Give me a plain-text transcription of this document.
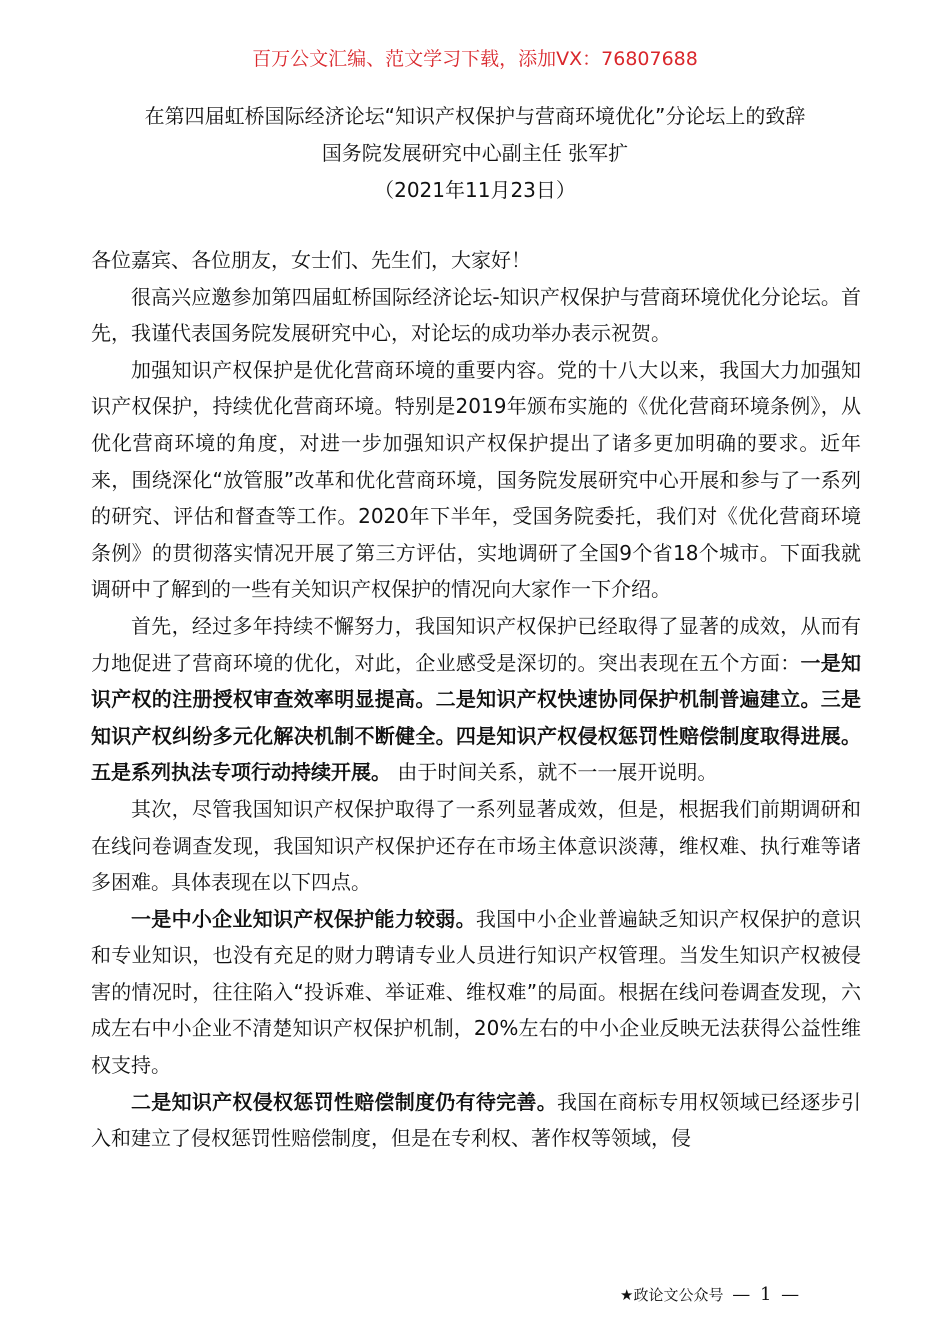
百万公文汇编、范文学习下载，添加VX：76807688
在第四届虹桥国际经济论坛“知识产权保护与营商环境优化”分论坛上的致辞
国务院发展研究中心副主任 张军扩
（2021年11月23日）

各位嘉宾、各位朋友，女士们、先生们，大家好！

很高兴应邀参加第四届虹桥国际经济论坛-知识产权保护与营商环境优化分论坛。首先，我谨代表国务院发展研究中心，对论坛的成功举办表示祝贺。

加强知识产权保护是优化营商环境的重要内容。党的十八大以来，我国大力加强知识产权保护，持续优化营商环境。特别是2019年颁布实施的《优化营商环境条例》，从优化营商环境的角度，对进一步加强知识产权保护提出了诸多更加明确的要求。近年来，围绕深化“放管服”改革和优化营商环境，国务院发展研究中心开展和参与了一系列的研究、评估和督查等工作。2020年下半年，受国务院委托，我们对《优化营商环境条例》的贯彻落实情况开展了第三方评估，实地调研了全国9个省18个城市。下面我就调研中了解到的一些有关知识产权保护的情况向大家作一下介绍。

首先，经过多年持续不懈努力，我国知识产权保护已经取得了显著的成效，从而有力地促进了营商环境的优化，对此，企业感受是深切的。突出表现在五个方面：一是知识产权的注册授权审查效率明显提高。二是知识产权快速协同保护机制普遍建立。三是知识产权纠纷多元化解决机制不断健全。四是知识产权侵权惩罚性赔偿制度取得进展。五是系列执法专项行动持续开展。 由于时间关系，就不一一展开说明。

其次，尽管我国知识产权保护取得了一系列显著成效，但是，根据我们前期调研和在线问卷调查发现，我国知识产权保护还存在市场主体意识淡薄，维权难、执行难等诸多困难。具体表现在以下四点。

一是中小企业知识产权保护能力较弱。我国中小企业普遍缺乏知识产权保护的意识和专业知识，也没有充足的财力聘请专业人员进行知识产权管理。当发生知识产权被侵害的情况时，往往陷入“投诉难、举证难、维权难”的局面。根据在线问卷调查发现，六成左右中小企业不清楚知识产权保护机制，20%左右的中小企业反映无法获得公益性维权支持。

二是知识产权侵权惩罚性赔偿制度仍有待完善。我国在商标专用权领域已经逐步引入和建立了侵权惩罚性赔偿制度，但是在专利权、著作权等领域，侵

★政论文公众号 — 1 —
